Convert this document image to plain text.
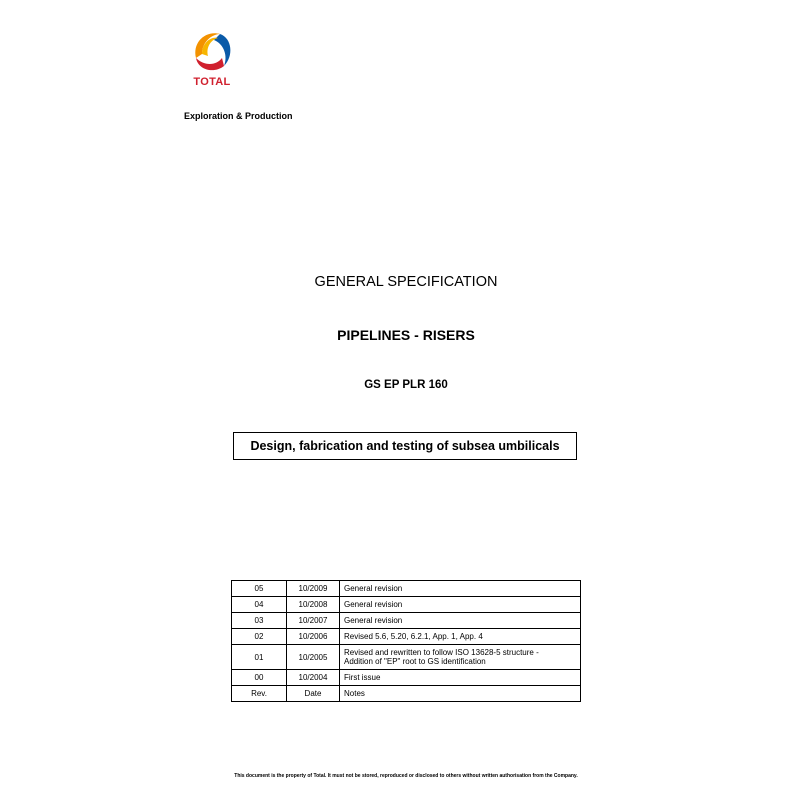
TOTAL
Exploration & Production
GENERAL SPECIFICATION
PIPELINES - RISERS
GS EP PLR 160
Design, fabrication and testing of subsea umbilicals
05	10/2009	General revision
04	10/2008	General revision
03	10/2007	General revision
02	10/2006	Revised 5.6, 5.20, 6.2.1, App. 1, App. 4
01	10/2005	Revised and rewritten to follow ISO 13628-5 structure -
Addition of "EP" root to GS identification

00	10/2004	First issue
Rev.	Date	Notes
This document is the property of Total. It must not be stored, reproduced or disclosed to others without written authorisation from the Company.
